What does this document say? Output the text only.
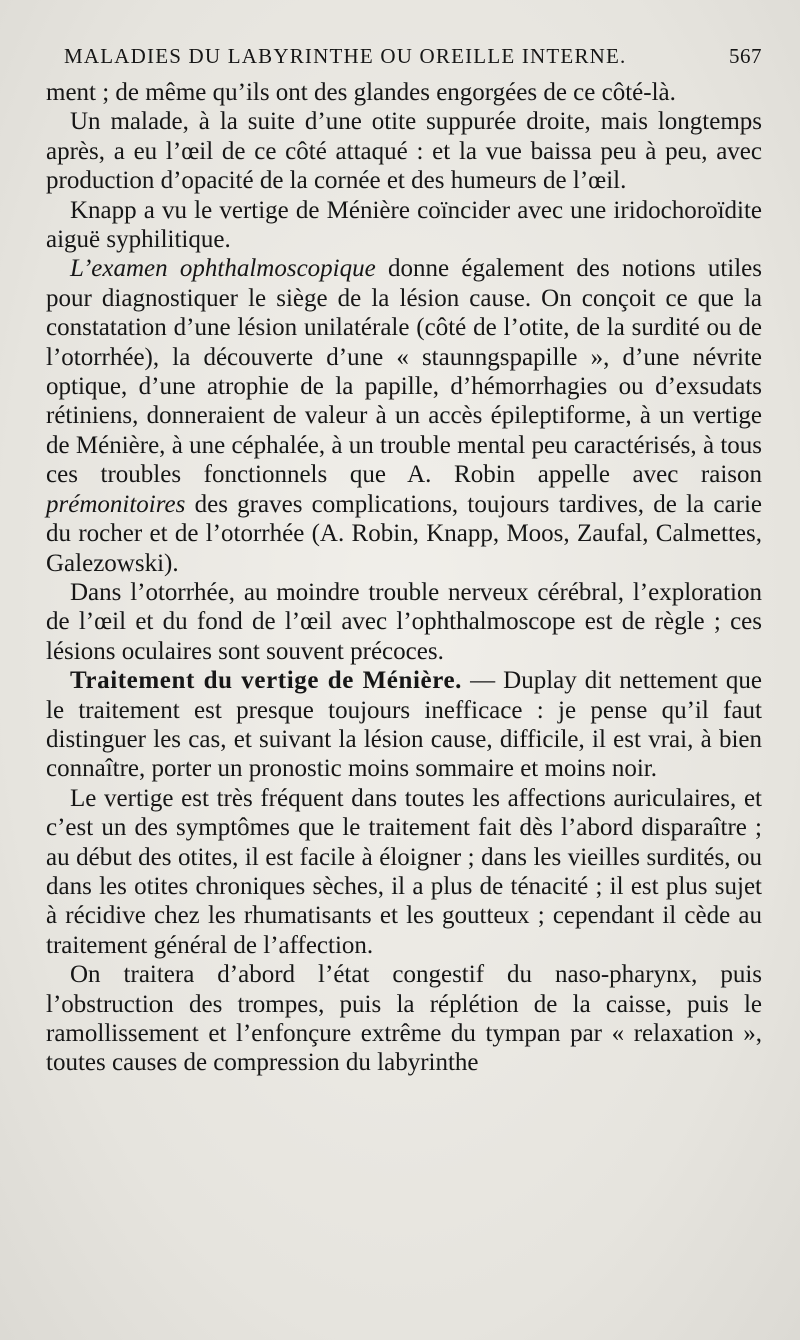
MALADIES DU LABYRINTHE OU OREILLE INTERNE.	567

ment ; de même qu’ils ont des glandes engorgées de ce côté-là.

Un malade, à la suite d’une otite suppurée droite, mais longtemps après, a eu l’œil de ce côté attaqué : et la vue baissa peu à peu, avec production d’opacité de la cornée et des humeurs de l’œil.

Knapp a vu le vertige de Ménière coïncider avec une iridochoroïdite aiguë syphilitique.

L’examen ophthalmoscopique donne également des notions utiles pour diagnostiquer le siège de la lésion cause. On conçoit ce que la constatation d’une lésion unilatérale (côté de l’otite, de la surdité ou de l’otorrhée), la découverte d’une « staunngspapille », d’une névrite optique, d’une atrophie de la papille, d’hémorrhagies ou d’exsudats rétiniens, donneraient de valeur à un accès épileptiforme, à un vertige de Ménière, à une céphalée, à un trouble mental peu caractérisés, à tous ces troubles fonctionnels que A. Robin appelle avec raison prémonitoires des graves complications, toujours tardives, de la carie du rocher et de l’otorrhée (A. Robin, Knapp, Moos, Zaufal, Calmettes, Galezowski).

Dans l’otorrhée, au moindre trouble nerveux cérébral, l’exploration de l’œil et du fond de l’œil avec l’ophthalmoscope est de règle ; ces lésions oculaires sont souvent précoces.

Traitement du vertige de Ménière. — Duplay dit nettement que le traitement est presque toujours inefficace : je pense qu’il faut distinguer les cas, et suivant la lésion cause, difficile, il est vrai, à bien connaître, porter un pronostic moins sommaire et moins noir.

Le vertige est très fréquent dans toutes les affections auriculaires, et c’est un des symptômes que le traitement fait dès l’abord disparaître ; au début des otites, il est facile à éloigner ; dans les vieilles surdités, ou dans les otites chroniques sèches, il a plus de ténacité ; il est plus sujet à récidive chez les rhumatisants et les goutteux ; cependant il cède au traitement général de l’affection.

On traitera d’abord l’état congestif du naso-pharynx, puis l’obstruction des trompes, puis la réplétion de la caisse, puis le ramollissement et l’enfonçure extrême du tympan par « relaxation », toutes causes de compression du labyrinthe
